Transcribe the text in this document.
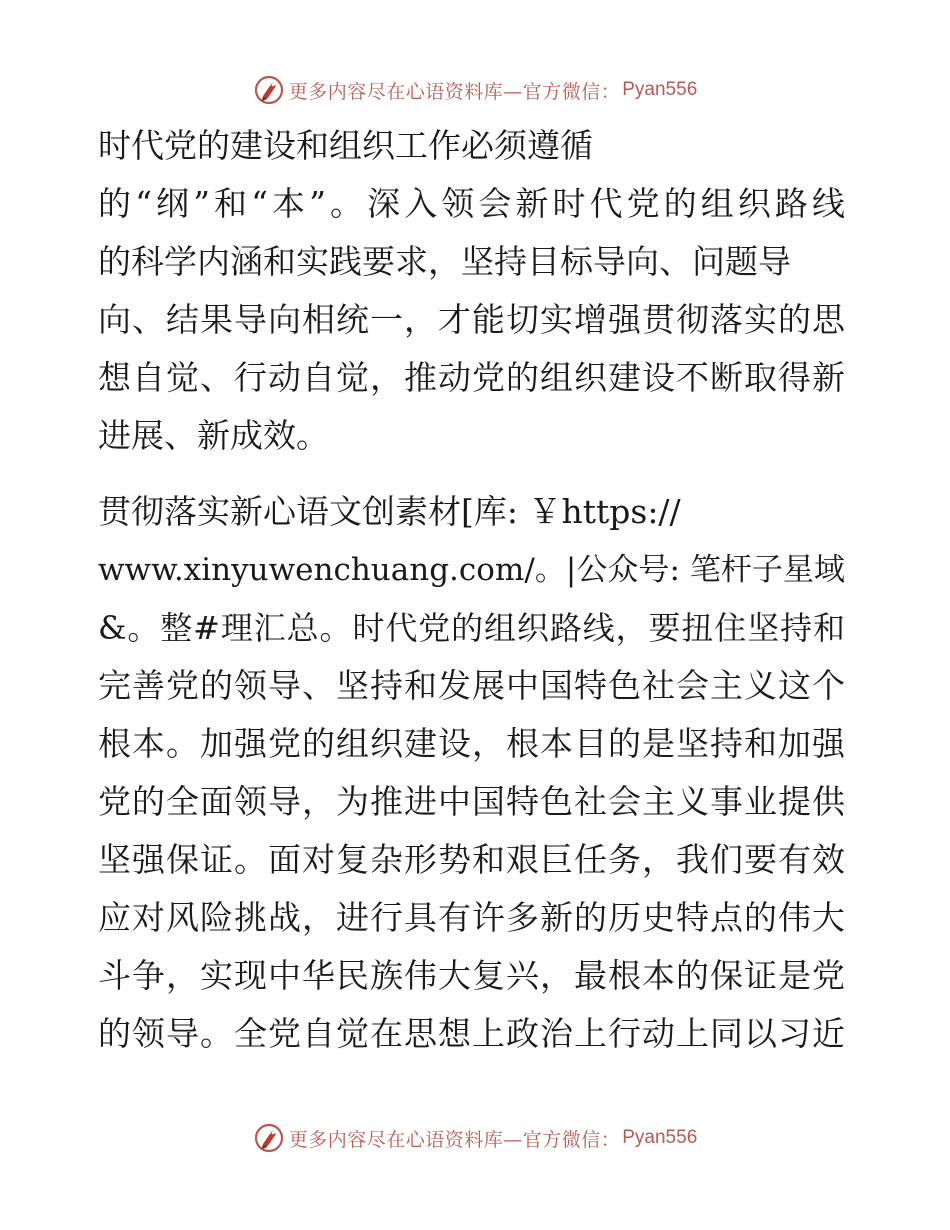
更多内容尽在心语资料库—官方微信： Pyan556
时代党的建设和组织工作必须遵循
的“纲”和“本”。深入领会新时代党的组织路线
的科学内涵和实践要求，坚持目标导向、问题导
向、结果导向相统一，才能切实增强贯彻落实的思
想自觉、行动自觉，推动党的组织建设不断取得新
进展、新成效。
贯彻落实新心语文创素材[库: ￥https://
www.xinyuwenchuang.com/。|公众号: 笔杆子星域
&。整#理汇总。时代党的组织路线，要扭住坚持和
完善党的领导、坚持和发展中国特色社会主义这个
根本。加强党的组织建设，根本目的是坚持和加强
党的全面领导，为推进中国特色社会主义事业提供
坚强保证。面对复杂形势和艰巨任务，我们要有效
应对风险挑战，进行具有许多新的历史特点的伟大
斗争，实现中华民族伟大复兴，最根本的保证是党
的领导。全党自觉在思想上政治上行动上同以习近
更多内容尽在心语资料库—官方微信： Pyan556
